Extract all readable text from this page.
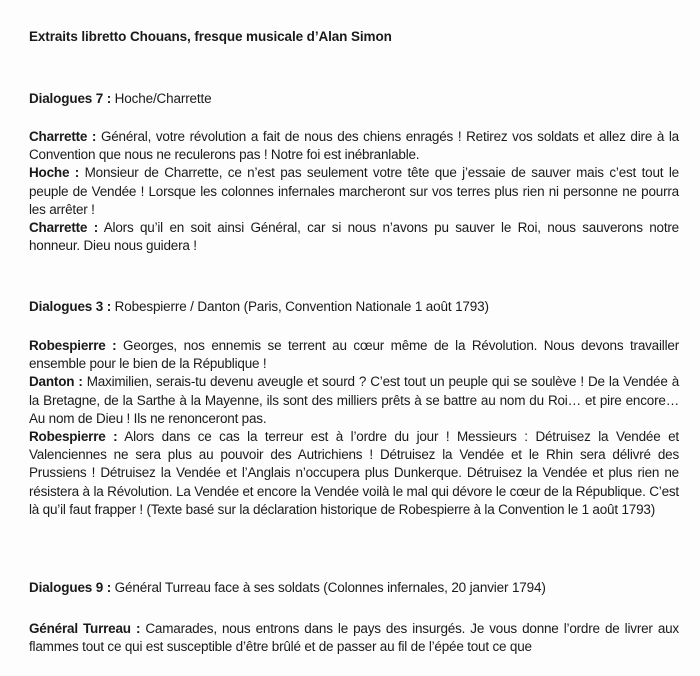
Extraits libretto Chouans, fresque musicale d’Alan Simon
Dialogues 7 : Hoche/Charrette

Charrette : Général, votre révolution a fait de nous des chiens enragés ! Retirez vos soldats et allez dire à la Convention que nous ne reculerons pas ! Notre foi est inébranlable.

Hoche : Monsieur de Charrette, ce n’est pas seulement votre tête que j’essaie de sauver mais c’est tout le peuple de Vendée ! Lorsque les colonnes infernales marcheront sur vos terres plus rien ni personne ne pourra les arrêter !

Charrette : Alors qu’il en soit ainsi Général, car si nous n’avons pu sauver le Roi, nous sauverons notre honneur. Dieu nous guidera !

Dialogues 3 : Robespierre / Danton (Paris, Convention Nationale 1 août 1793)

Robespierre : Georges, nos ennemis se terrent au cœur même de la Révolution. Nous devons travailler ensemble pour le bien de la République !

Danton : Maximilien, serais-tu devenu aveugle et sourd ? C’est tout un peuple qui se soulève ! De la Vendée à la Bretagne, de la Sarthe à la Mayenne, ils sont des milliers prêts à se battre au nom du Roi… et pire encore… Au nom de Dieu ! Ils ne renonceront pas.

Robespierre : Alors dans ce cas la terreur est à l’ordre du jour ! Messieurs : Détruisez la Vendée et Valenciennes ne sera plus au pouvoir des Autrichiens ! Détruisez la Vendée et le Rhin sera délivré des Prussiens ! Détruisez la Vendée et l’Anglais n’occupera plus Dunkerque. Détruisez la Vendée et plus rien ne résistera à la Révolution. La Vendée et encore la Vendée voilà le mal qui dévore le cœur de la République. C’est là qu’il faut frapper ! (Texte basé sur la déclaration historique de Robespierre à la Convention le 1 août 1793)

Dialogues 9 : Général Turreau face à ses soldats (Colonnes infernales, 20 janvier 1794)

Général Turreau : Camarades, nous entrons dans le pays des insurgés. Je vous donne l’ordre de livrer aux flammes tout ce qui est susceptible d’être brûlé et de passer au fil de l’épée tout ce que
